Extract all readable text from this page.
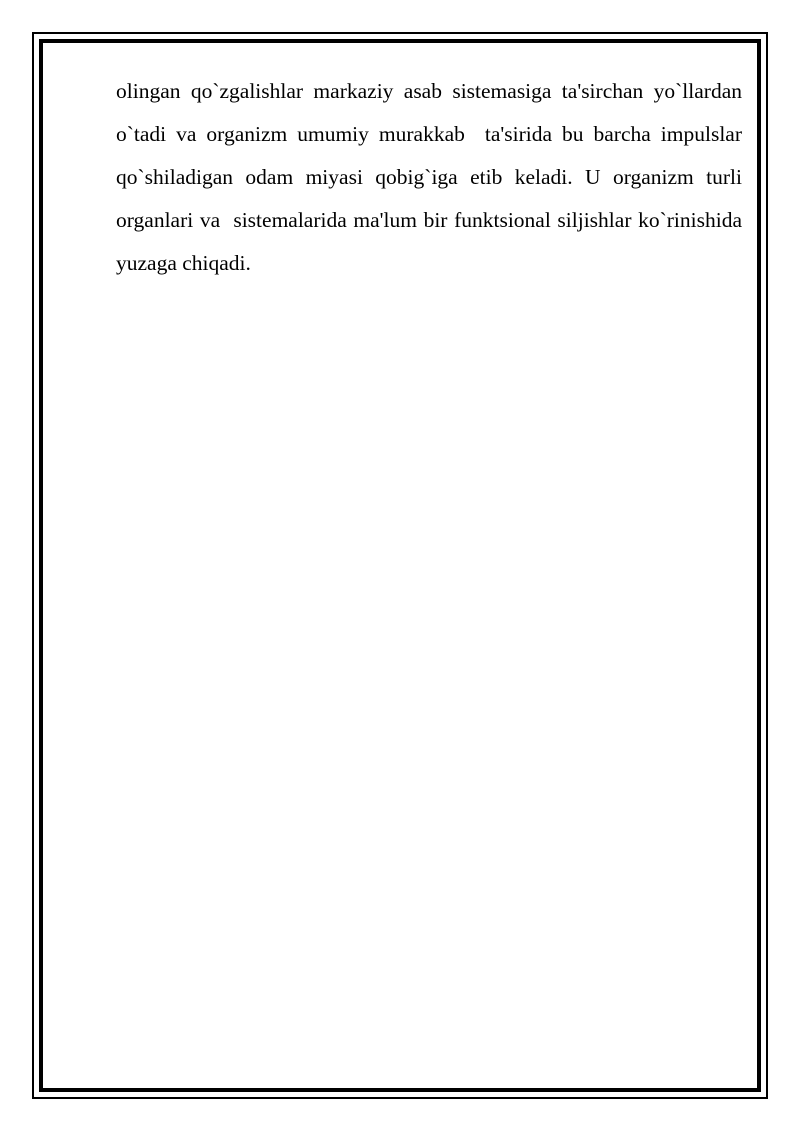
olingan qo`zgalishlar markaziy asab sistemasiga ta'sirchan yo`llardan o`tadi va organizm umumiy murakkab  ta'sirida bu barcha impulslar qo`shiladigan odam miyasi qobig`iga etib keladi. U organizm turli organlari va  sistemalarida ma'lum bir funktsional siljishlar ko`rinishida yuzaga chiqadi.
